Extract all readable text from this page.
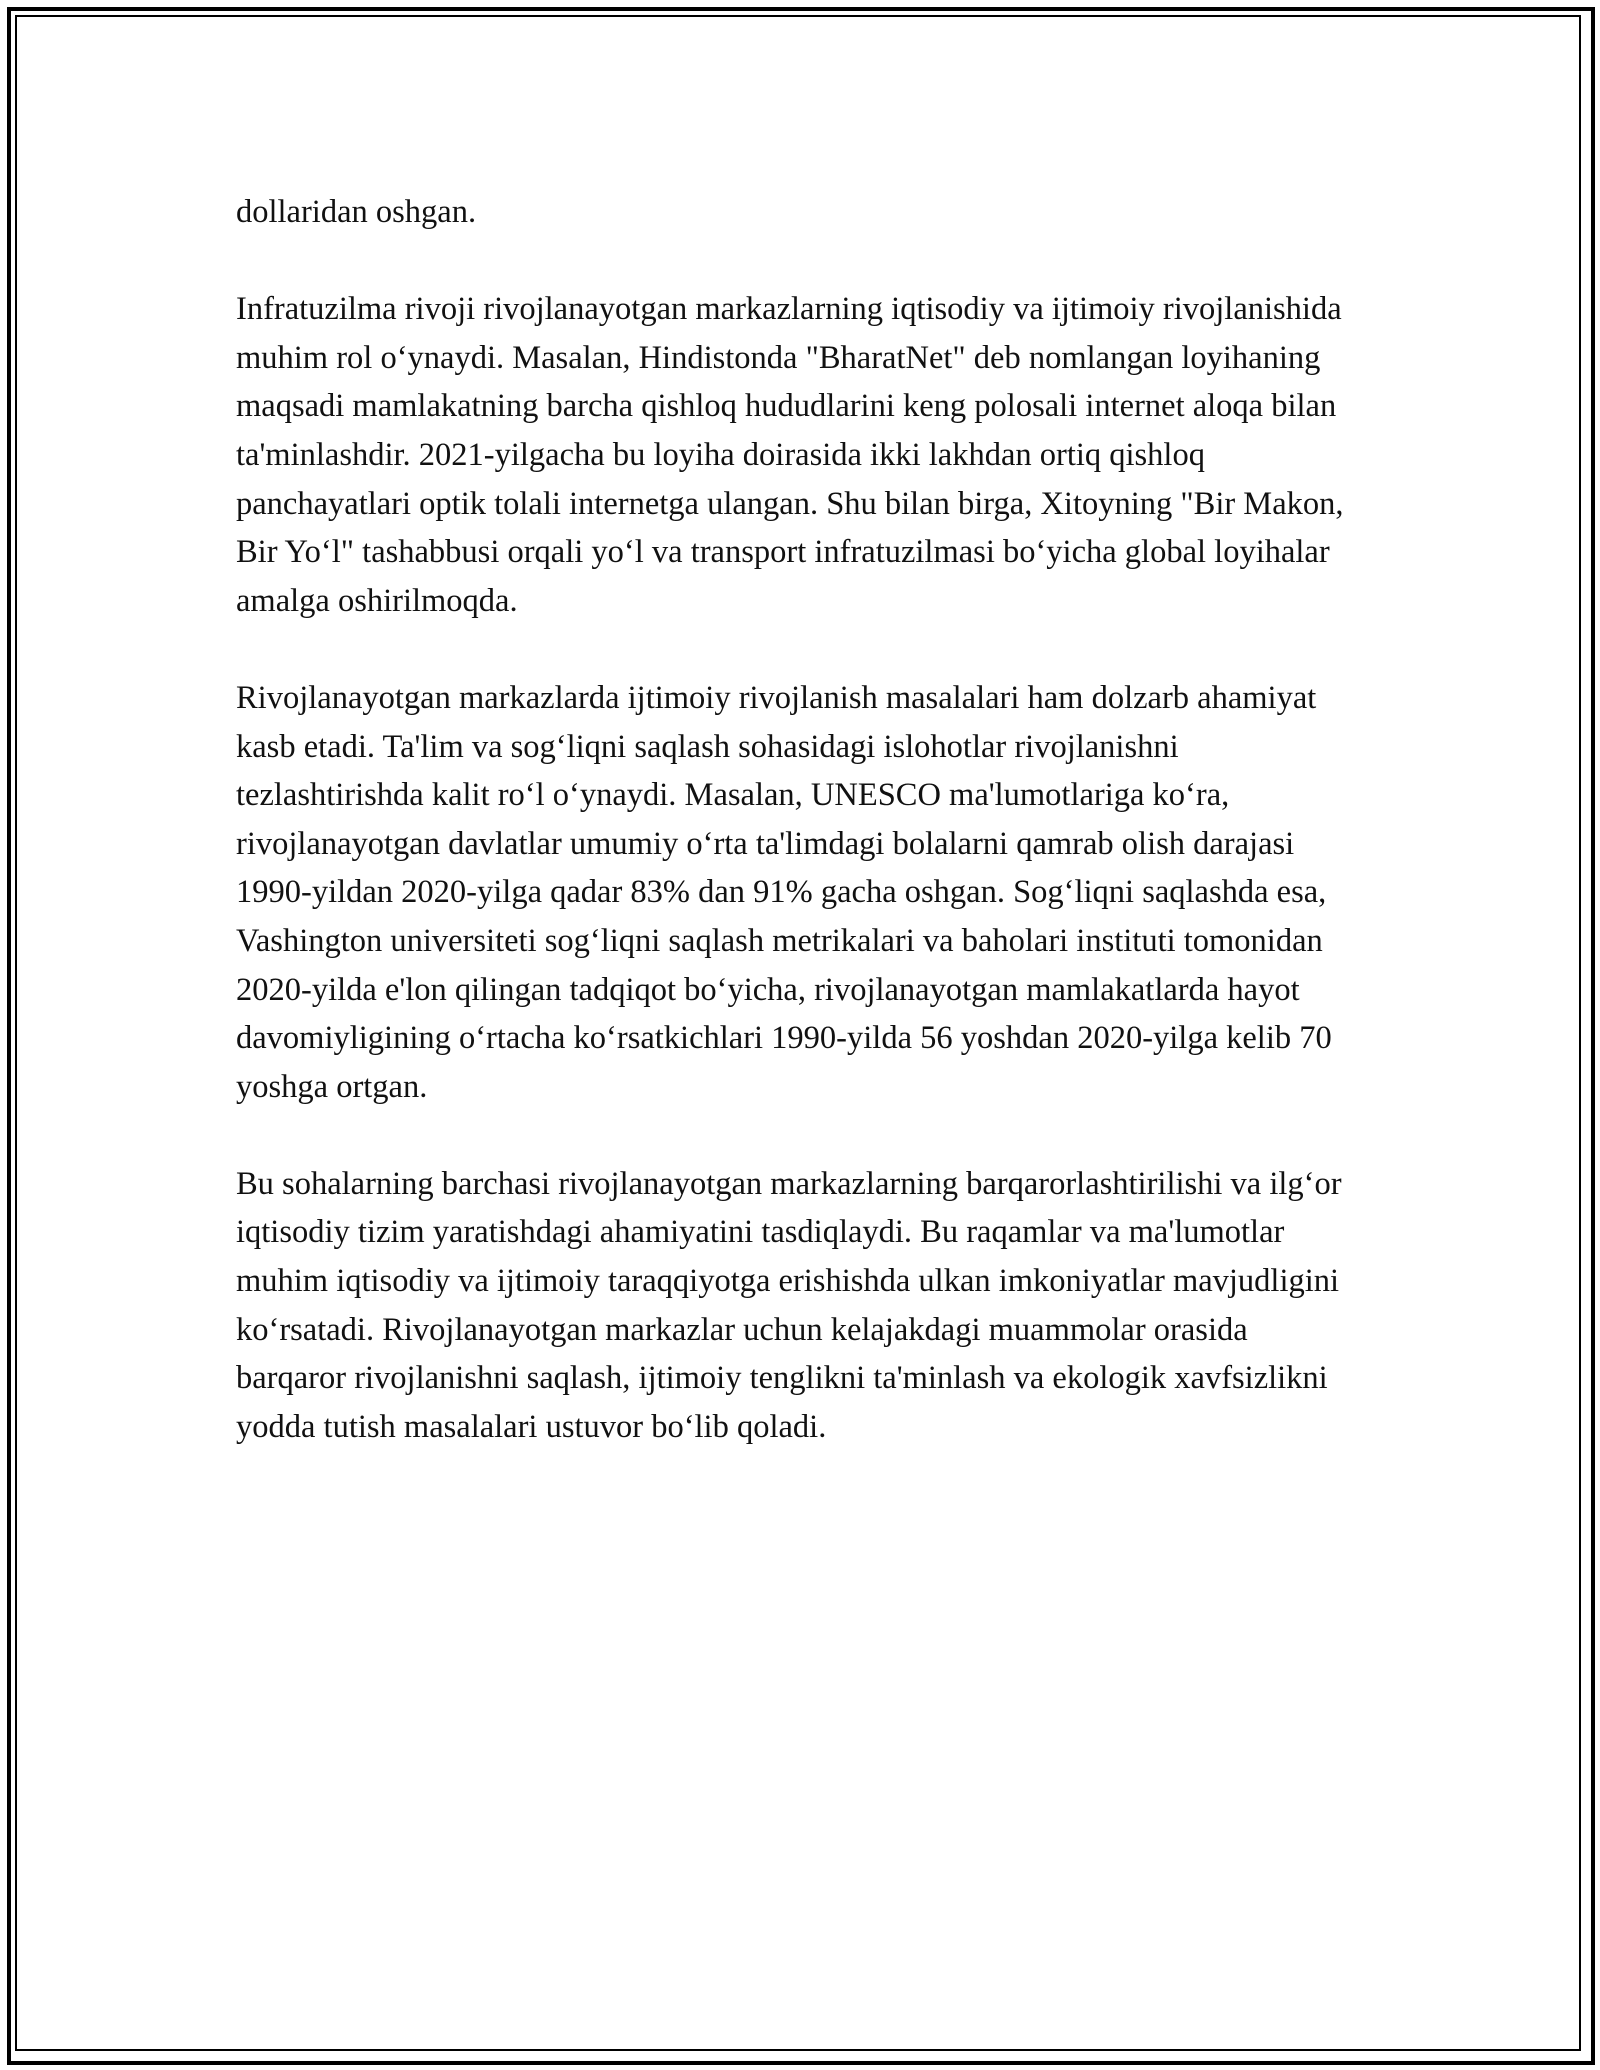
dollaridan oshgan.

Infratuzilma rivoji rivojlanayotgan markazlarning iqtisodiy va ijtimoiy rivojlanishida muhim rol o‘ynaydi. Masalan, Hindistonda "BharatNet" deb nomlangan loyihaning maqsadi mamlakatning barcha qishloq hududlarini keng polosali internet aloqa bilan ta'minlashdir. 2021-yilgacha bu loyiha doirasida ikki lakhdan ortiq qishloq panchayatlari optik tolali internetga ulangan. Shu bilan birga, Xitoyning "Bir Makon, Bir Yo‘l" tashabbusi orqali yo‘l va transport infratuzilmasi bo‘yicha global loyihalar amalga oshirilmoqda.

Rivojlanayotgan markazlarda ijtimoiy rivojlanish masalalari ham dolzarb ahamiyat kasb etadi. Ta'lim va sog‘liqni saqlash sohasidagi islohotlar rivojlanishni tezlashtirishda kalit ro‘l o‘ynaydi. Masalan, UNESCO ma'lumotlariga ko‘ra, rivojlanayotgan davlatlar umumiy o‘rta ta'limdagi bolalarni qamrab olish darajasi 1990-yildan 2020-yilga qadar 83% dan 91% gacha oshgan. Sog‘liqni saqlashda esa, Vashington universiteti sog‘liqni saqlash metrikalari va baholari instituti tomonidan 2020-yilda e'lon qilingan tadqiqot bo‘yicha, rivojlanayotgan mamlakatlarda hayot davomiyligining o‘rtacha ko‘rsatkichlari 1990-yilda 56 yoshdan 2020-yilga kelib 70 yoshga ortgan.

Bu sohalarning barchasi rivojlanayotgan markazlarning barqarorlashtirilishi va ilg‘or iqtisodiy tizim yaratishdagi ahamiyatini tasdiqlaydi. Bu raqamlar va ma'lumotlar muhim iqtisodiy va ijtimoiy taraqqiyotga erishishda ulkan imkoniyatlar mavjudligini ko‘rsatadi. Rivojlanayotgan markazlar uchun kelajakdagi muammolar orasida barqaror rivojlanishni saqlash, ijtimoiy tenglikni ta'minlash va ekologik xavfsizlikni yodda tutish masalalari ustuvor bo‘lib qoladi.
